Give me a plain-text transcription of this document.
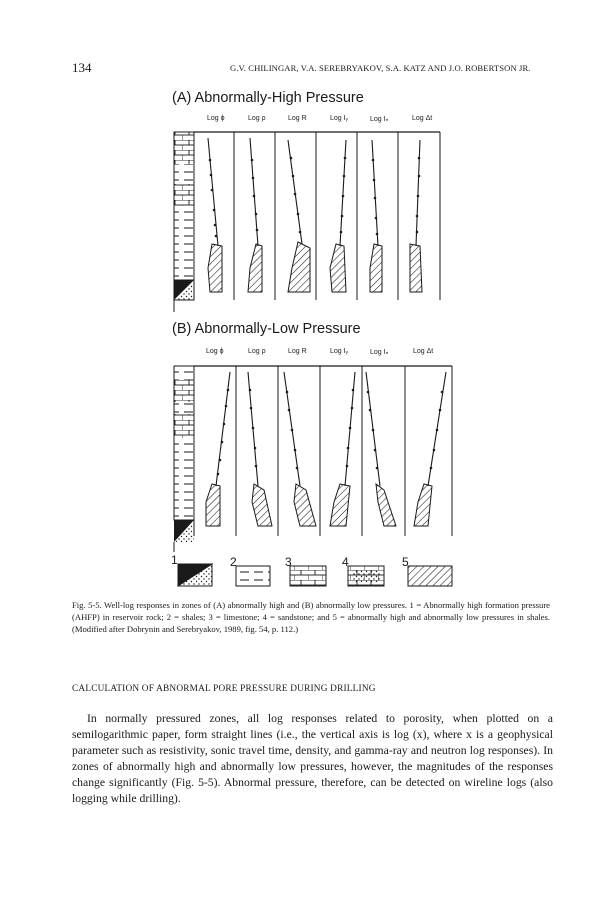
134	G.V. CHILINGAR, V.A. SEREBRYAKOV, S.A. KATZ AND J.O. ROBERTSON JR.
(A) Abnormally-High Pressure
Log ϕ	Log ρ	Log R	Log Iᵧ	Log Iₙ	Log Δt
(B) Abnormally-Low Pressure
Log ϕ	Log ρ	Log R	Log Iᵧ	Log Iₙ	Log Δt
1	2	3	4	5
Fig. 5-5. Well-log responses in zones of (A) abnormally high and (B) abnormally low pressures. 1 = Abnormally high formation pressure (AHFP) in reservoir rock; 2 = shales; 3 = limestone; 4 = sandstone; and 5 = abnormally high and abnormally low pressures in shales. (Modified after Dobrynin and Serebryakov, 1989, fig. 54, p. 112.)
CALCULATION OF ABNORMAL PORE PRESSURE DURING DRILLING
In normally pressured zones, all log responses related to porosity, when plotted on a semilogarithmic paper, form straight lines (i.e., the vertical axis is log (x), where x is a geophysical parameter such as resistivity, sonic travel time, density, and gamma-ray and neutron log responses). In zones of abnormally high and abnormally low pressures, however, the magnitudes of the responses change significantly (Fig. 5-5). Abnormal pressure, therefore, can be detected on wireline logs (also logging while drilling).
